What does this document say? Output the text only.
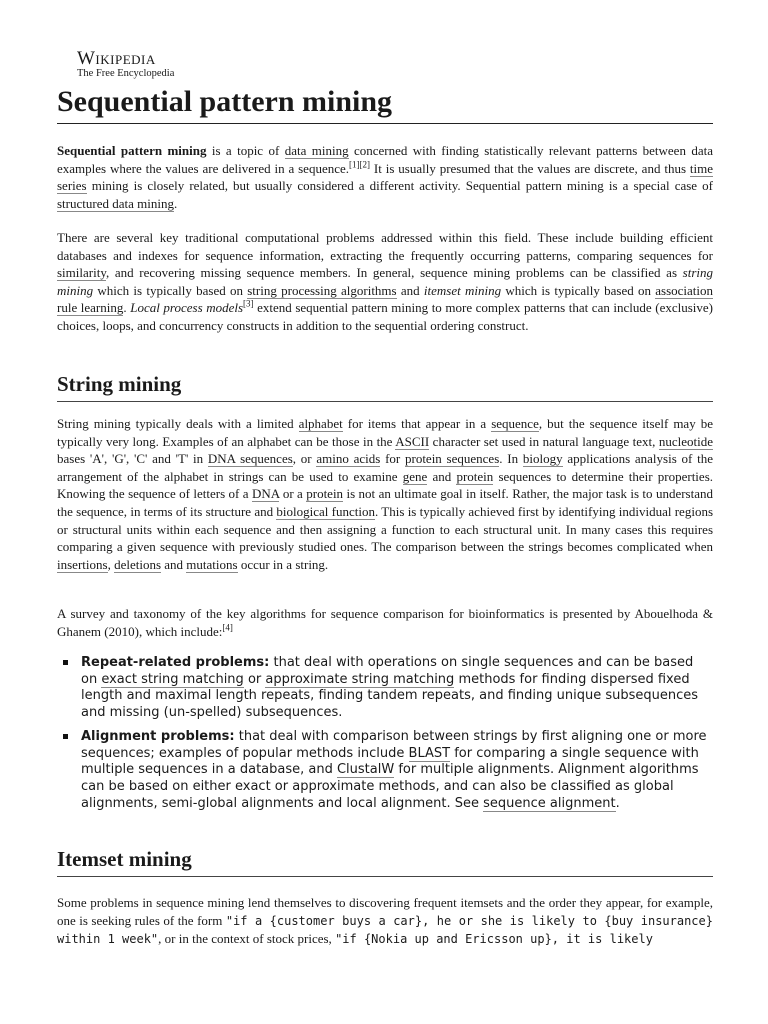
Wikipedia
The Free Encyclopedia
Sequential pattern mining

Sequential pattern mining is a topic of data mining concerned with finding statistically relevant patterns between data examples where the values are delivered in a sequence.[1][2] It is usually presumed that the values are discrete, and thus time series mining is closely related, but usually considered a different activity. Sequential pattern mining is a special case of structured data mining.

There are several key traditional computational problems addressed within this field. These include building efficient databases and indexes for sequence information, extracting the frequently occurring patterns, comparing sequences for similarity, and recovering missing sequence members. In general, sequence mining problems can be classified as string mining which is typically based on string processing algorithms and itemset mining which is typically based on association rule learning. Local process models[3] extend sequential pattern mining to more complex patterns that can include (exclusive) choices, loops, and concurrency constructs in addition to the sequential ordering construct.

String mining

String mining typically deals with a limited alphabet for items that appear in a sequence, but the sequence itself may be typically very long. Examples of an alphabet can be those in the ASCII character set used in natural language text, nucleotide bases 'A', 'G', 'C' and 'T' in DNA sequences, or amino acids for protein sequences. In biology applications analysis of the arrangement of the alphabet in strings can be used to examine gene and protein sequences to determine their properties. Knowing the sequence of letters of a DNA or a protein is not an ultimate goal in itself. Rather, the major task is to understand the sequence, in terms of its structure and biological function. This is typically achieved first by identifying individual regions or structural units within each sequence and then assigning a function to each structural unit. In many cases this requires comparing a given sequence with previously studied ones. The comparison between the strings becomes complicated when insertions, deletions and mutations occur in a string.

A survey and taxonomy of the key algorithms for sequence comparison for bioinformatics is presented by Abouelhoda & Ghanem (2010), which include:[4]

Repeat-related problems: that deal with operations on single sequences and can be based on exact string matching or approximate string matching methods for finding dispersed fixed length and maximal length repeats, finding tandem repeats, and finding unique subsequences and missing (un-spelled) subsequences.
Alignment problems: that deal with comparison between strings by first aligning one or more sequences; examples of popular methods include BLAST for comparing a single sequence with multiple sequences in a database, and ClustalW for multiple alignments. Alignment algorithms can be based on either exact or approximate methods, and can also be classified as global alignments, semi-global alignments and local alignment. See sequence alignment.
Itemset mining

Some problems in sequence mining lend themselves to discovering frequent itemsets and the order they appear, for example, one is seeking rules of the form "if a {customer buys a car}, he or she is likely to {buy insurance} within 1 week", or in the context of stock prices, "if {Nokia up and Ericsson up}, it is likely
